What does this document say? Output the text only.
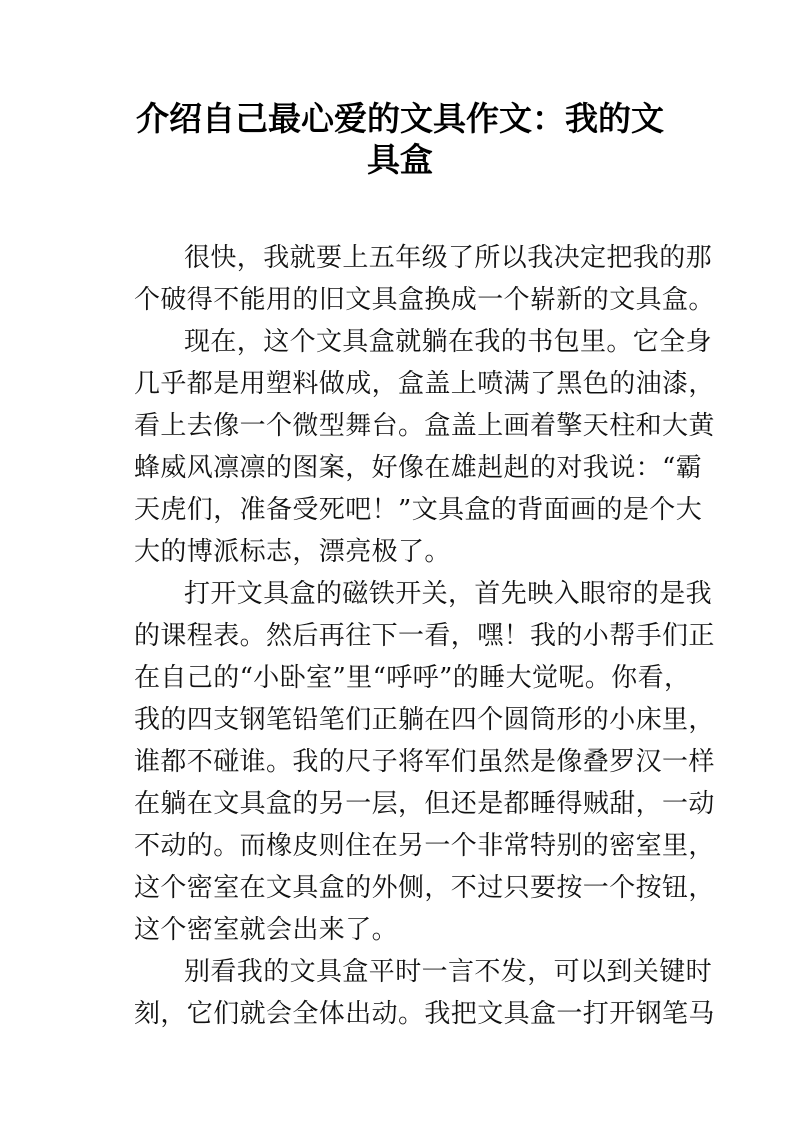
介绍自己最心爱的文具作文：我的文
具盒
很快，我就要上五年级了所以我决定把我的那
个破得不能用的旧文具盒换成一个崭新的文具盒。
现在，这个文具盒就躺在我的书包里。它全身
几乎都是用塑料做成，盒盖上喷满了黑色的油漆，
看上去像一个微型舞台。盒盖上画着擎天柱和大黄
蜂威风凛凛的图案，好像在雄赳赳的对我说：“霸
天虎们，准备受死吧！”文具盒的背面画的是个大
大的博派标志，漂亮极了。
打开文具盒的磁铁开关，首先映入眼帘的是我
的课程表。然后再往下一看，嘿！我的小帮手们正
在自己的“小卧室”里“呼呼”的睡大觉呢。你看，
我的四支钢笔铅笔们正躺在四个圆筒形的小床里，
谁都不碰谁。我的尺子将军们虽然是像叠罗汉一样
在躺在文具盒的另一层，但还是都睡得贼甜，一动
不动的。而橡皮则住在另一个非常特别的密室里，
这个密室在文具盒的外侧，不过只要按一个按钮，
这个密室就会出来了。
别看我的文具盒平时一言不发，可以到关键时
刻，它们就会全体出动。我把文具盒一打开钢笔马
